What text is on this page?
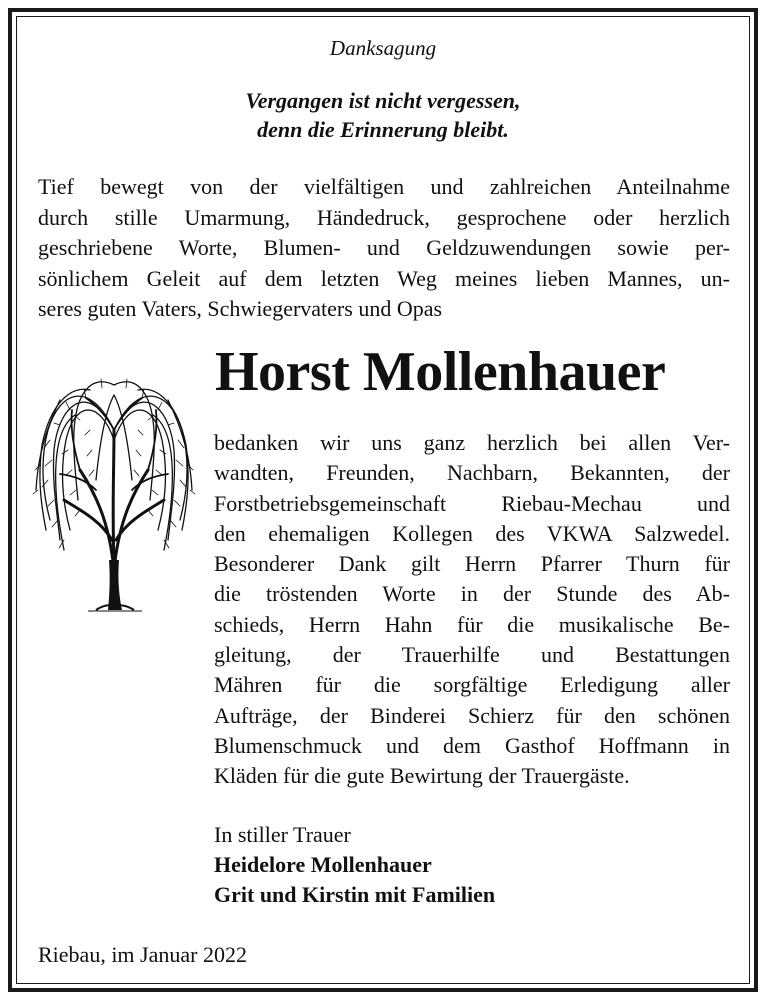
Danksagung
Vergangen ist nicht vergessen,
denn die Erinnerung bleibt.
Tief bewegt von der vielfältigen und zahlreichen Anteilnahme
durch stille Umarmung, Händedruck, gesprochene oder herzlich
geschriebene Worte, Blumen- und Geldzuwendungen sowie per-
sönlichem Geleit auf dem letzten Weg meines lieben Mannes, un-
seres guten Vaters, Schwiegervaters und Opas
Horst Mollenhauer
bedanken wir uns ganz herzlich bei allen Ver-
wandten, Freunden, Nachbarn, Bekannten, der
Forstbetriebsgemeinschaft Riebau-Mechau und
den ehemaligen Kollegen des VKWA Salzwedel.
Besonderer Dank gilt Herrn Pfarrer Thurn für
die tröstenden Worte in der Stunde des Ab-
schieds, Herrn Hahn für die musikalische Be-
gleitung, der Trauerhilfe und Bestattungen
Mähren für die sorgfältige Erledigung aller
Aufträge, der Binderei Schierz für den schönen
Blumenschmuck und dem Gasthof Hoffmann in
Kläden für die gute Bewirtung der Trauergäste.
In stiller Trauer
Heidelore Mollenhauer
Grit und Kirstin mit Familien
Riebau, im Januar 2022
